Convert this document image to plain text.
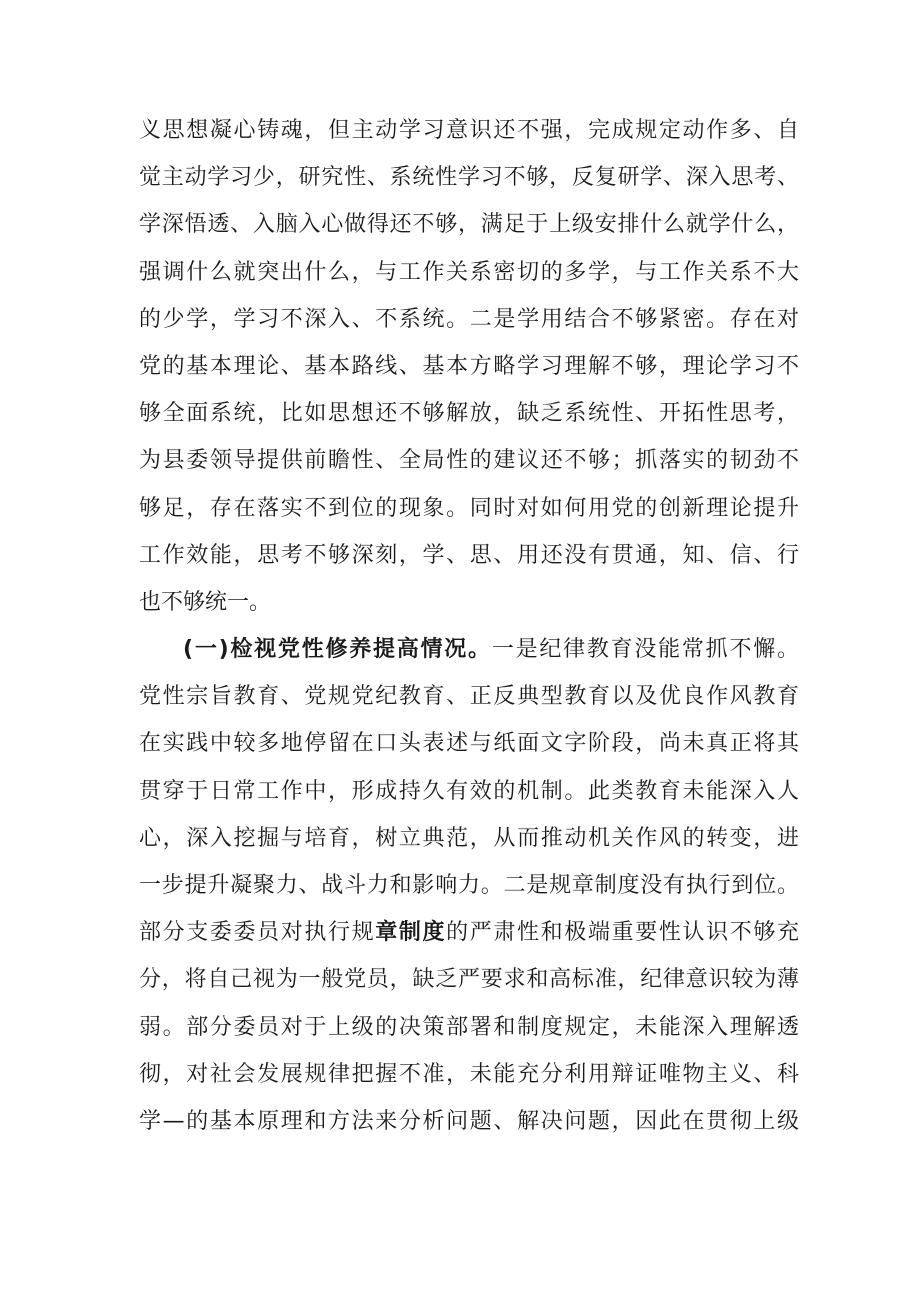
义思想凝心铸魂，但主动学习意识还不强，完成规定动作多、自
觉主动学习少，研究性、系统性学习不够，反复研学、深入思考、
学深悟透、入脑入心做得还不够，满足于上级安排什么就学什么，
强调什么就突出什么，与工作关系密切的多学，与工作关系不大
的少学，学习不深入、不系统。二是学用结合不够紧密。存在对
党的基本理论、基本路线、基本方略学习理解不够，理论学习不
够全面系统，比如思想还不够解放，缺乏系统性、开拓性思考，
为县委领导提供前瞻性、全局性的建议还不够；抓落实的韧劲不
够足，存在落实不到位的现象。同时对如何用党的创新理论提升
工作效能，思考不够深刻，学、思、用还没有贯通，知、信、行
也不够统一。
(一)检视党性修养提高情况。一是纪律教育没能常抓不懈。
党性宗旨教育、党规党纪教育、正反典型教育以及优良作风教育
在实践中较多地停留在口头表述与纸面文字阶段，尚未真正将其
贯穿于日常工作中，形成持久有效的机制。此类教育未能深入人
心，深入挖掘与培育，树立典范，从而推动机关作风的转变，进
一步提升凝聚力、战斗力和影响力。二是规章制度没有执行到位。
部分支委委员对执行规章制度的严肃性和极端重要性认识不够充
分，将自己视为一般党员，缺乏严要求和高标准，纪律意识较为薄
弱。部分委员对于上级的决策部署和制度规定，未能深入理解透
彻，对社会发展规律把握不准，未能充分利用辩证唯物主义、科
学—的基本原理和方法来分析问题、解决问题，因此在贯彻上级
